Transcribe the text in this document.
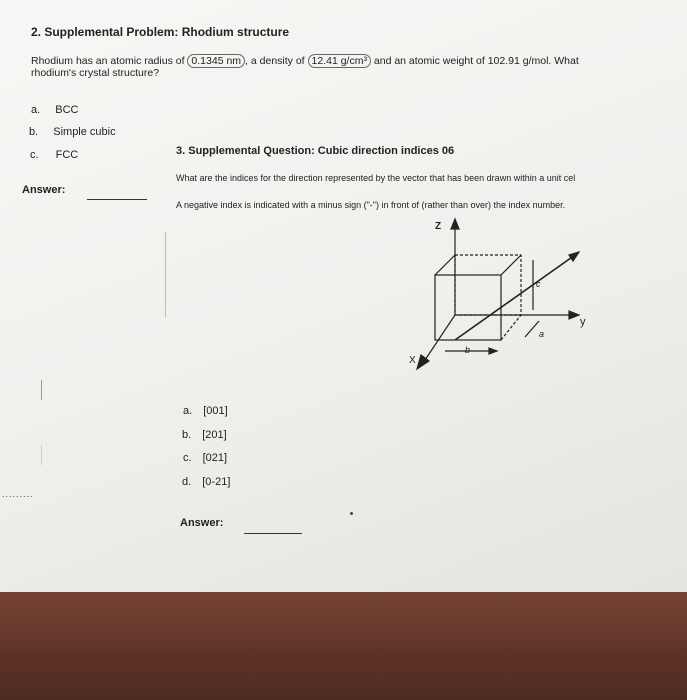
2. Supplemental Problem: Rhodium structure
Rhodium has an atomic radius of 0.1345 nm , a density of 12.41 g/cm³ and an atomic weight of 102.91 g/mol. What
rhodium's crystal structure?
a. BCC
b. Simple cubic
c. FCC
Answer:
.........
3. Supplemental Question: Cubic direction indices 06
What are the indices for the direction represented by the vector that has been drawn within a unit cel
A negative index is indicated with a minus sign ("-") in front of (rather than over) the index number.
Z
y
X
a
b
c
a. [001]
b. [201]
c. [021]
d. [0-21]
Answer:
